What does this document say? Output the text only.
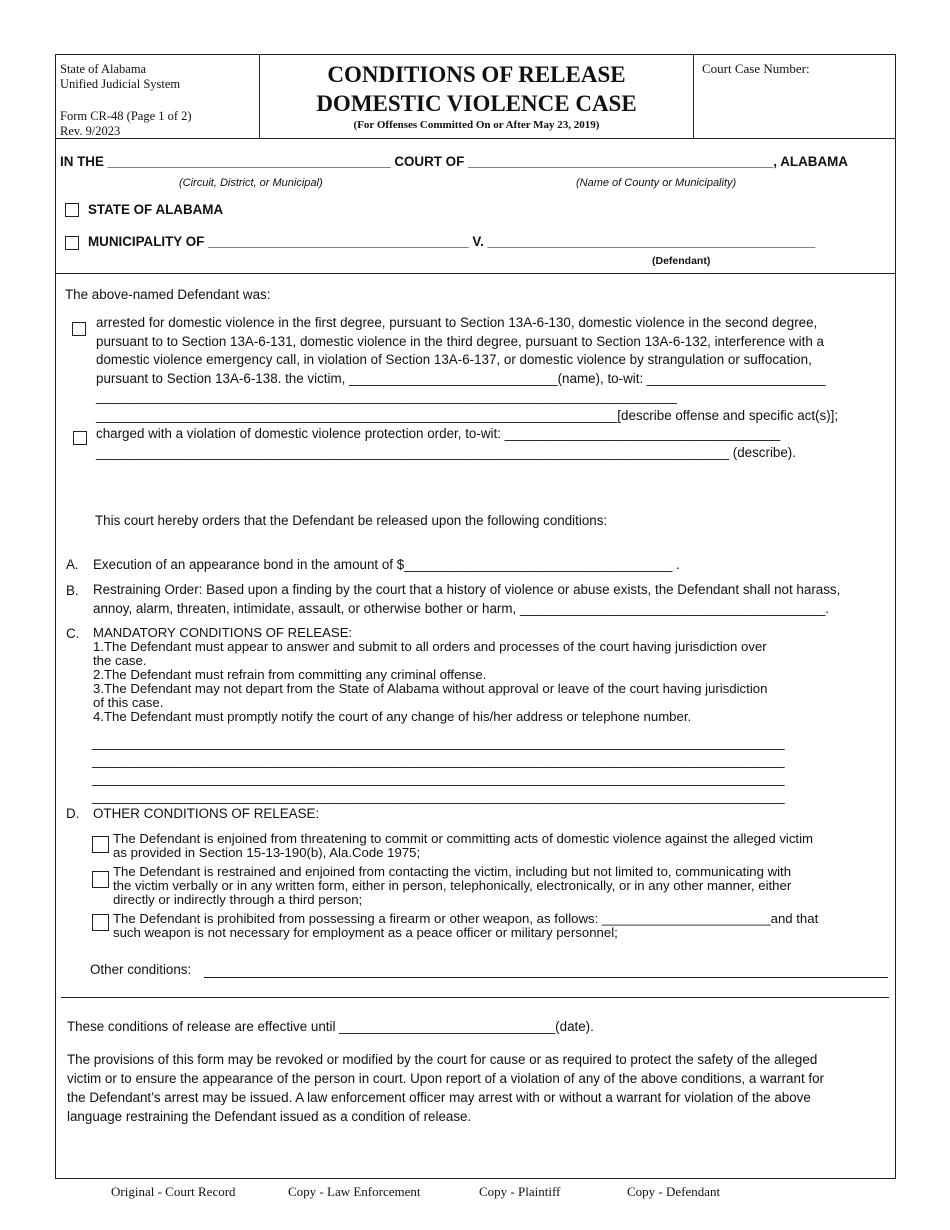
State of Alabama
Unified Judicial System
Form CR-48 (Page 1 of 2)
Rev. 9/2023
CONDITIONS OF RELEASE
DOMESTIC VIOLENCE CASE
(For Offenses Committed On or After May 23, 2019)
Court Case Number:
IN THE ______________________________________ COURT OF _________________________________________, ALABAMA
(Circuit, District, or Municipal)	(Name of County or Municipality)
STATE OF ALABAMA
MUNICIPALITY OF ___________________________________ V. ____________________________________________
(Defendant)
The above-named Defendant was:
arrested for domestic violence in the first degree, pursuant to Section 13A-6-130, domestic violence in the second degree,
pursuant to to Section 13A-6-131, domestic violence in the third degree, pursuant to Section 13A-6-132, interference with a
domestic violence emergency call, in violation of Section 13A-6-137, or domestic violence by strangulation or suffocation,
pursuant to Section 13A-6-138. the victim, ____________________________(name), to-wit: ________________________
______________________________________________________________________________
______________________________________________________________________[describe offense and specific act(s)];
charged with a violation of domestic violence protection order, to-wit: _____________________________________
_____________________________________________________________________________________ (describe).
This court hereby orders that the Defendant be released upon the following conditions:
A. Execution of an appearance bond in the amount of $____________________________________ .
B. Restraining Order: Based upon a finding by the court that a history of violence or abuse exists, the Defendant shall not harass,
annoy, alarm, threaten, intimidate, assault, or otherwise bother or harm, _________________________________________.
C. MANDATORY CONDITIONS OF RELEASE:
1.The Defendant must appear to answer and submit to all orders and processes of the court having jurisdiction over
the case.
2.The Defendant must refrain from committing any criminal offense.
3.The Defendant may not depart from the State of Alabama without approval or leave of the court having jurisdiction
of this case.
4.The Defendant must promptly notify the court of any change of his/her address or telephone number.
_____________________________________________________________________________________________
_____________________________________________________________________________________________
_____________________________________________________________________________________________
_____________________________________________________________________________________________
D. OTHER CONDITIONS OF RELEASE:
The Defendant is enjoined from threatening to commit or committing acts of domestic violence against the alleged victim
as provided in Section 15-13-190(b), Ala.Code 1975;
The Defendant is restrained and enjoined from contacting the victim, including but not limited to, communicating with
the victim verbally or in any written form, either in person, telephonically, electronically, or in any other manner, either
directly or indirectly through a third person;
The Defendant is prohibited from possessing a firearm or other weapon, as follows: _______________________and that
such weapon is not necessary for employment as a peace officer or military personnel;
Other conditions:
These conditions of release are effective until _____________________________(date).
The provisions of this form may be revoked or modified by the court for cause or as required to protect the safety of the alleged
victim or to ensure the appearance of the person in court. Upon report of a violation of any of the above conditions, a warrant for
the Defendant’s arrest may be issued. A law enforcement officer may arrest with or without a warrant for violation of the above
language restraining the Defendant issued as a condition of release.
Original - Court Record	Copy - Law Enforcement	Copy - Plaintiff	Copy - Defendant
